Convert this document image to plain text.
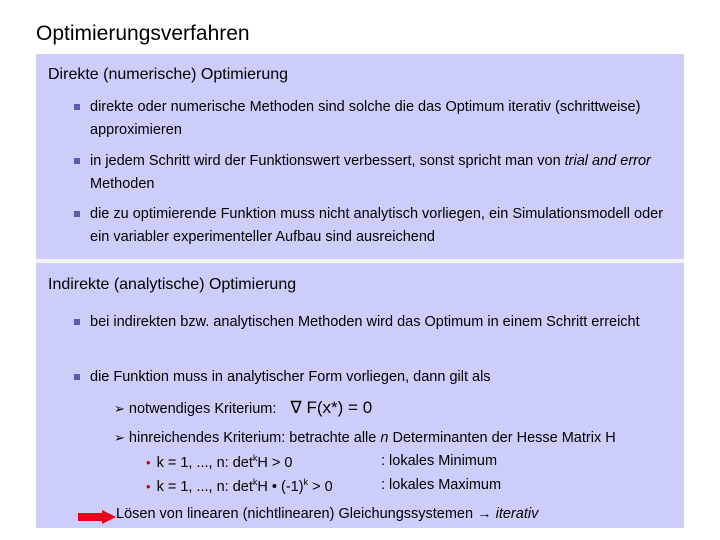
Optimierungsverfahren
Direkte (numerische) Optimierung
direkte oder numerische Methoden sind solche die das Optimum iterativ (schrittweise) approximieren
in jedem Schritt wird der Funktionswert verbessert, sonst spricht man von trial and error Methoden
die zu optimierende Funktion muss nicht analytisch vorliegen, ein Simulationsmodell oder ein variabler experimenteller Aufbau sind ausreichend
Indirekte (analytische) Optimierung
bei indirekten bzw. analytischen Methoden wird das Optimum in einem Schritt erreicht
die Funktion muss in analytischer Form vorliegen, dann gilt als
➢ notwendiges Kriterium: ∇ F(x*) = 0
➢ hinreichendes Kriterium: betrachte alle n Determinanten der Hesse Matrix H
• k = 1, ..., n: $\det^kH > 0$	: lokales Minimum
• k = 1, ..., n: $\det^kH$ • $(-1)^k > 0$	: lokales Maximum
Lösen von linearen (nichtlinearen) Gleichungssystemen → iterativ
